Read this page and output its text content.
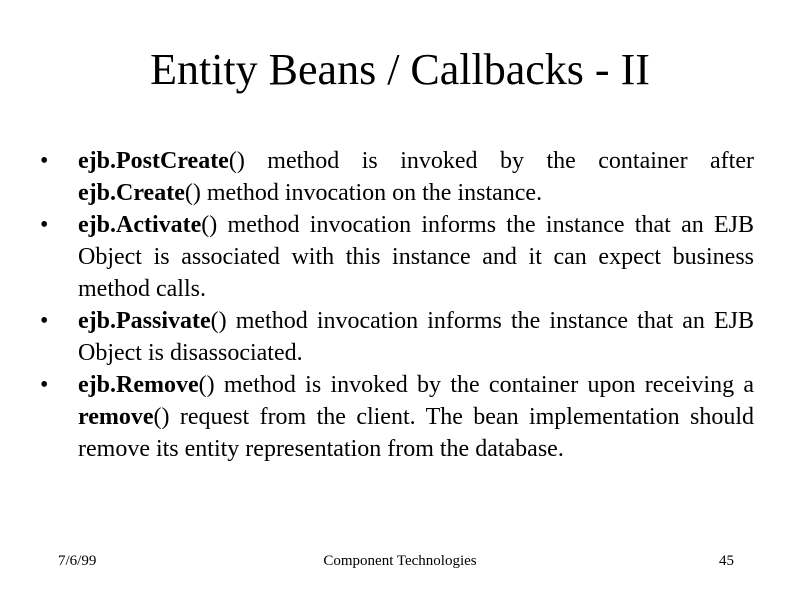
Entity Beans / Callbacks - II
•	ejb.PostCreate() method is invoked by the container after ejb.Create() method invocation on the instance.
•	ejb.Activate() method invocation informs the instance that an EJB Object is associated with this instance and it can expect business method calls.
•	ejb.Passivate() method invocation informs the instance that an EJB Object is disassociated.
•	ejb.Remove() method is invoked by the container upon receiving a remove() request from the client. The bean implementation should remove its entity representation from the database.
7/6/99	Component Technologies	45
